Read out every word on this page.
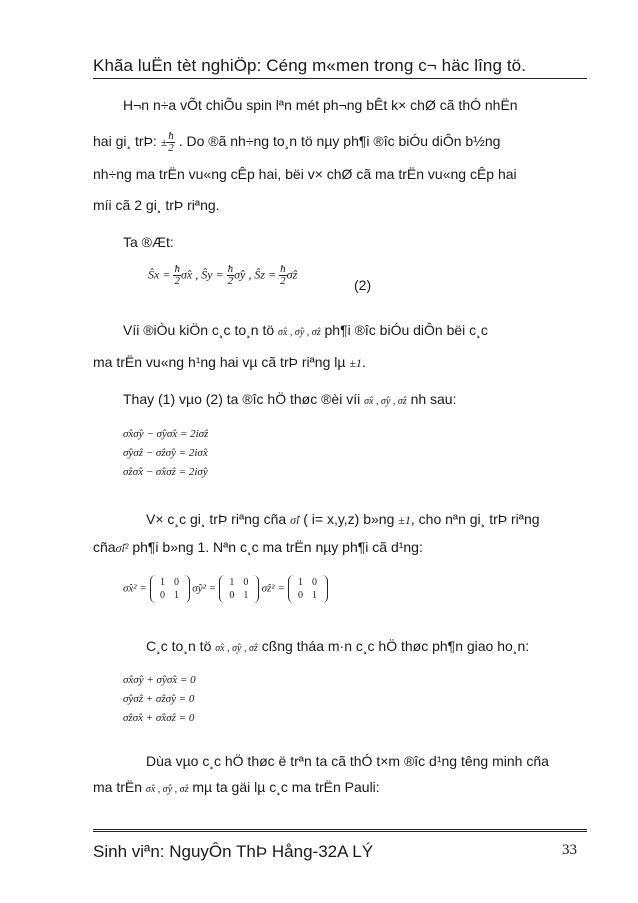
Khãa luËn tèt nghiÖp: Céng m«men trong c¬ häc lîng tö.
H¬n n÷a vÕt chiÕu spin lªn mét ph¬ng bÊt k× chØ cã thÓ nhËn
hai gi¸ trÞ: ± $\frac{ħ}{2}$ . Do ®ã nh÷ng to¸n tö nµy ph¶i ®îc biÓu diÔn b½ng
nh÷ng ma trËn vu«ng cÊp hai, bëi v× chØ cã ma trËn vu«ng cÊp hai
míi cã 2 gi¸ trÞ riªng.
Ta ®Æt:
Ŝx = $\frac{ħ}{2}$ σ̂x , Ŝy = $\frac{ħ}{2}$ σ̂y , Ŝz = $\frac{ħ}{2}$ σ̂z
(2)
Víi ®iÒu kiÖn c¸c to¸n tö σ̂x , σ̂y , σ̂z ph¶i ®îc biÓu diÔn bëi c¸c
ma trËn vu«ng h¹ng hai vµ cã trÞ riªng lµ ±1.
Thay (1) vµo (2) ta ®îc hÖ thøc ®èi víi σ̂x , σ̂y , σ̂z nh sau:
σ̂xσ̂y − σ̂yσ̂x = 2iσ̂z
σ̂yσ̂z − σ̂zσ̂y = 2iσ̂x
σ̂zσ̂x − σ̂xσ̂z = 2iσ̂y
V× c¸c gi¸ trÞ riªng cña σ̂i ( i= x,y,z) b»ng ±1, cho nªn gi¸ trÞ riªng
cñaσ̂i² ph¶i b»ng 1. Nªn c¸c ma trËn nµy ph¶i cã d¹ng:
σ̂x² = 1 0
0 1 σ̂y² = 1 0
0 1 σ̂z² = 1 0
0 1
C¸c to¸n tö σ̂x , σ̂y , σ̂z cßng tháa m·n c¸c hÖ thøc ph¶n giao ho¸n:
σ̂xσ̂y + σ̂yσ̂x = 0
σ̂yσ̂z + σ̂zσ̂y = 0
σ̂zσ̂x + σ̂xσ̂z = 0
Dùa vµo c¸c hÖ thøc ë trªn ta cã thÓ t×m ®îc d¹ng têng minh cña
ma trËn σ̂x , σ̂y , σ̂z mµ ta gäi lµ c¸c ma trËn Pauli:
Sinh viªn: NguyÔn ThÞ Hång-32A LÝ	33
